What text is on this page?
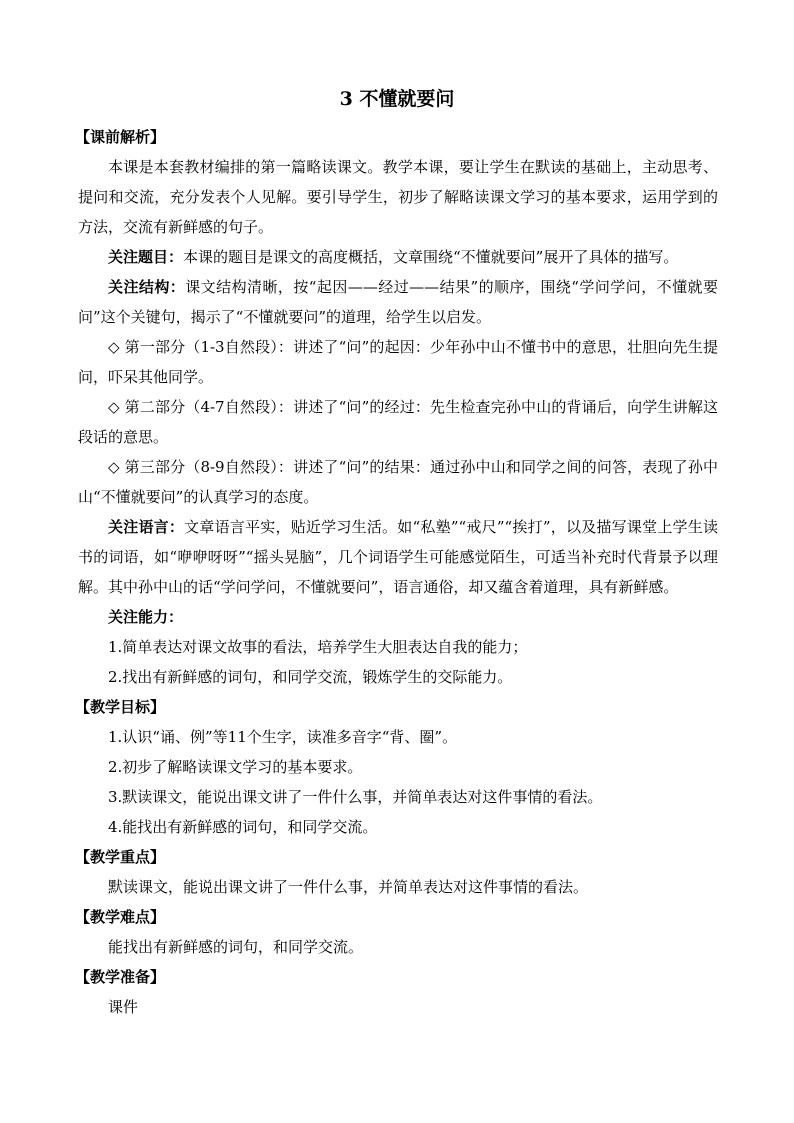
3 不懂就要问

【课前解析】

本课是本套教材编排的第一篇略读课文。教学本课，要让学生在默读的基础上，主动思考、提问和交流，充分发表个人见解。要引导学生，初步了解略读课文学习的基本要求，运用学到的方法，交流有新鲜感的句子。

关注题目：本课的题目是课文的高度概括，文章围绕“不懂就要问”展开了具体的描写。

关注结构：课文结构清晰，按“起因——经过——结果”的顺序，围绕“学问学问，不懂就要问”这个关键句，揭示了“不懂就要问”的道理，给学生以启发。

◇ 第一部分（1-3自然段）：讲述了“问”的起因：少年孙中山不懂书中的意思，壮胆向先生提问，吓呆其他同学。

◇ 第二部分（4-7自然段）：讲述了“问”的经过：先生检查完孙中山的背诵后，向学生讲解这段话的意思。

◇ 第三部分（8-9自然段）：讲述了“问”的结果：通过孙中山和同学之间的问答，表现了孙中山“不懂就要问”的认真学习的态度。

关注语言：文章语言平实，贴近学习生活。如“私塾”“戒尺”“挨打”，以及描写课堂上学生读书的词语，如“咿咿呀呀”“摇头晃脑”，几个词语学生可能感觉陌生，可适当补充时代背景予以理解。其中孙中山的话“学问学问，不懂就要问”，语言通俗，却又蕴含着道理，具有新鲜感。

关注能力：

1.简单表达对课文故事的看法，培养学生大胆表达自我的能力；

2.找出有新鲜感的词句，和同学交流，锻炼学生的交际能力。

【教学目标】

1.认识“诵、例”等11个生字，读准多音字“背、圈”。

2.初步了解略读课文学习的基本要求。

3.默读课文，能说出课文讲了一件什么事，并简单表达对这件事情的看法。

4.能找出有新鲜感的词句，和同学交流。

【教学重点】

默读课文，能说出课文讲了一件什么事，并简单表达对这件事情的看法。

【教学难点】

能找出有新鲜感的词句，和同学交流。

【教学准备】

课件
